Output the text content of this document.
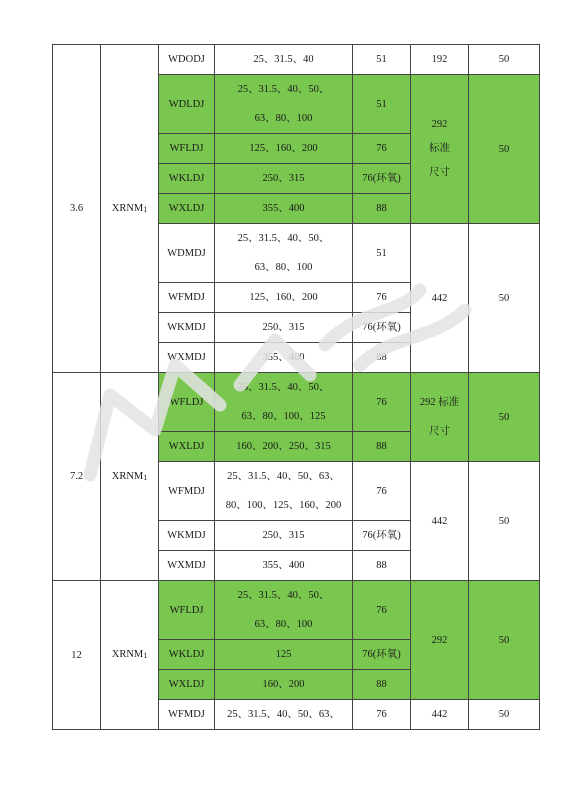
3.6	XRNM1	WDODJ	25、31.5、40	51	192	50
		WDLDJ	25、31.5、40、50、
63、80、100	51	292
标准
尺寸	50
		WFLDJ	125、160、200	76		
		WKLDJ	250、315	76(环氧)		
		WXLDJ	355、400	88		
		WDMDJ	25、31.5、40、50、
63、80、100	51	442	50
		WFMDJ	125、160、200	76		
		WKMDJ	250、315	76(环氧)		
		WXMDJ	355、400	88		
7.2	XRNM1	WFLDJ	25、31.5、40、50、
63、80、100、125	76	292 标准
尺寸	50
		WXLDJ	160、200、250、315	88		
		WFMDJ	25、31.5、40、50、63、
80、100、125、160、200	76	442	50
		WKMDJ	250、315	76(环氧)		
		WXMDJ	355、400	88		
12	XRNM1	WFLDJ	25、31.5、40、50、
63、80、100	76	292	50
		WKLDJ	125	76(环氧)		
		WXLDJ	160、200	88		
		WFMDJ	25、31.5、40、50、63、	76	442	50
